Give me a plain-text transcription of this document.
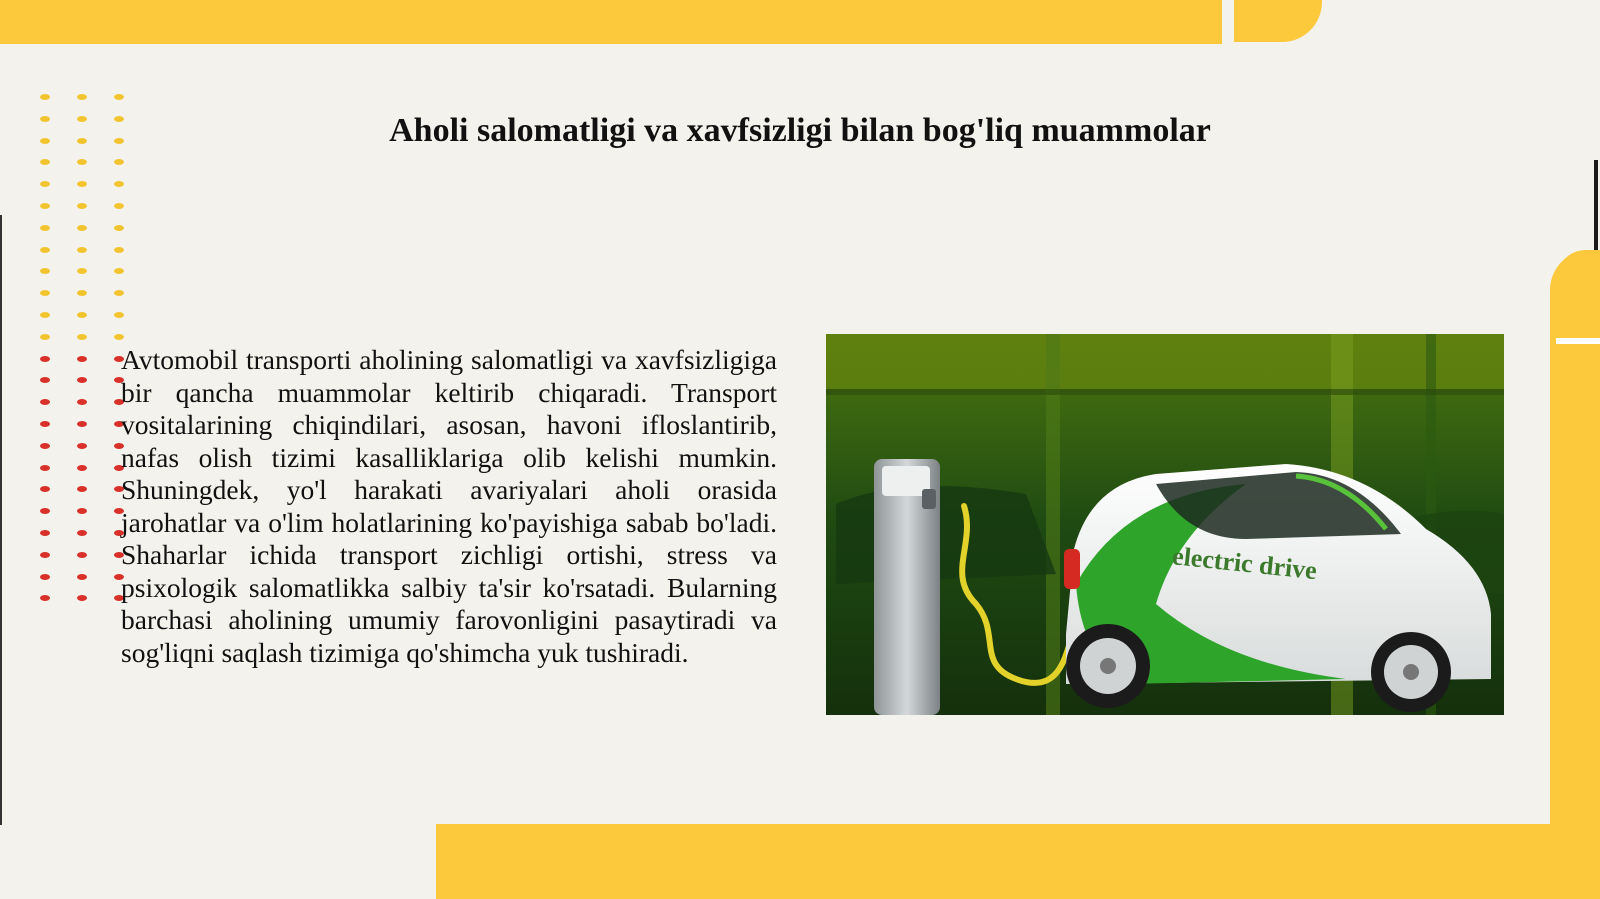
Aholi salomatligi va xavfsizligi bilan bog'liq muammolar

Avtomobil transporti aholining salomatligi va xavfsizligiga bir qancha muammolar keltirib chiqaradi. Transport vositalarining chiqindilari, asosan, havoni ifloslantirib, nafas olish tizimi kasalliklariga olib kelishi mumkin. Shuningdek, yo'l harakati avariyalari aholi orasida jarohatlar va o'lim holatlarining ko'payishiga sabab bo'ladi. Shaharlar ichida transport zichligi ortishi, stress va psixologik salomatlikka salbiy ta'sir ko'rsatadi. Bularning barchasi aholining umumiy farovonligini pasaytiradi va sog'liqni saqlash tizimiga qo'shimcha yuk tushiradi.

electric drive
